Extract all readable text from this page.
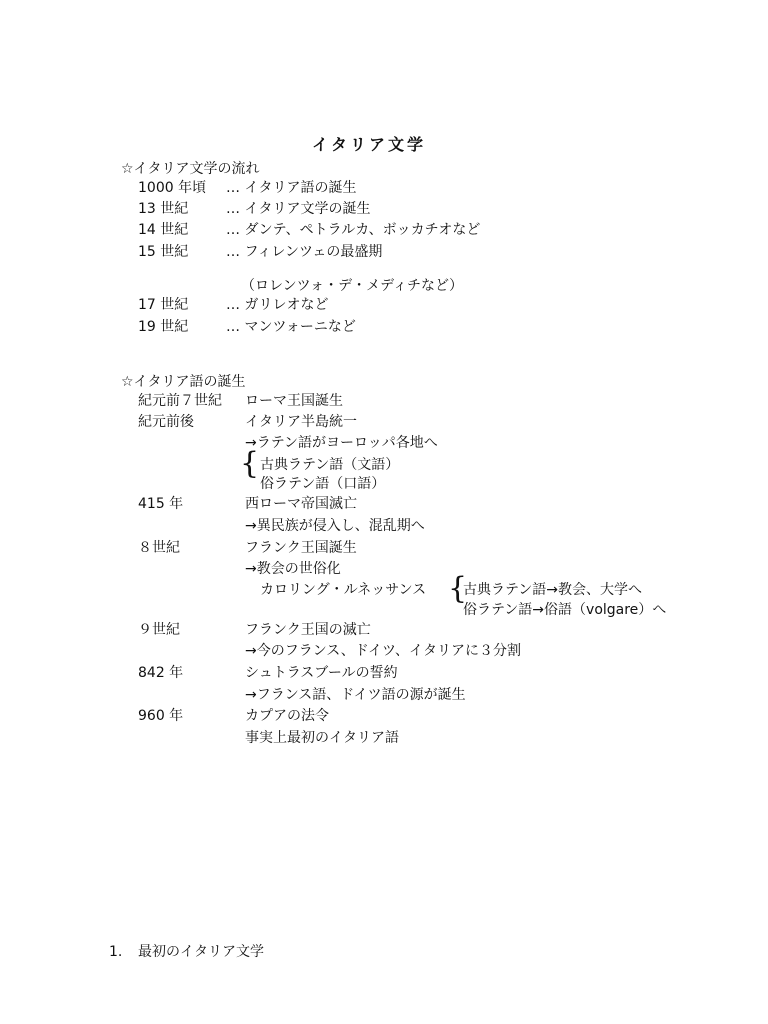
イタリア文学
☆イタリア文学の流れ
1000 年頃 … イタリア語の誕生
13 世紀	… イタリア文学の誕生
14 世紀	… ダンテ、ペトラルカ、ボッカチオなど
15 世紀	… フィレンツェの最盛期
（ロレンツォ・デ・メディチなど）
17 世紀	… ガリレオなど
19 世紀	… マンツォーニなど
☆イタリア語の誕生
紀元前７世紀 ローマ王国誕生
紀元前後	イタリア半島統一
→ラテン語がヨーロッパ各地へ
{ 古典ラテン語（文語）
俗ラテン語（口語）
415 年	西ローマ帝国滅亡
→異民族が侵入し、混乱期へ
８世紀	フランク王国誕生
→教会の世俗化
カロリング・ルネッサンス {
古典ラテン語→教会、大学へ
俗ラテン語→俗語（volgare）へ
９世紀	フランク王国の滅亡
→今のフランス、ドイツ、イタリアに３分割
842 年	シュトラスブールの誓約
→フランス語、ドイツ語の源が誕生
960 年	カプアの法令
事実上最初のイタリア語
1. 最初のイタリア文学
